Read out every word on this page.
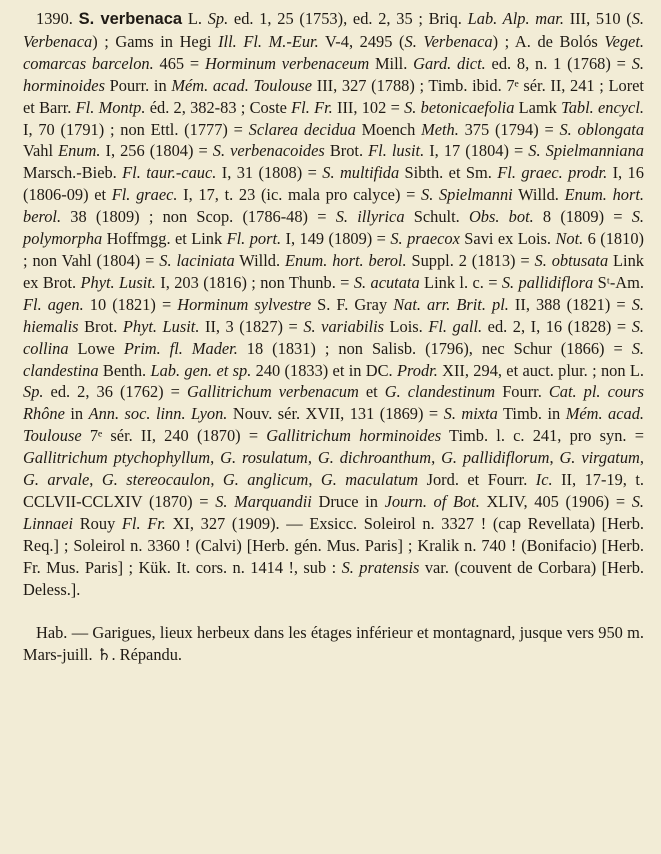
1390. S. verbenaca L. Sp. ed. 1, 25 (1753), ed. 2, 35 ; Briq. Lab. Alp. mar. III, 510 (S. Verbenaca) ; Gams in Hegi Ill. Fl. M.-Eur. V-4, 2495 (S. Verbenaca) ; A. de Bolós Veget. comarcas barcelon. 465 = Horminum verbenaceum Mill. Gard. dict. ed. 8, n. 1 (1768) = S. horminoides Pourr. in Mém. acad. Toulouse III, 327 (1788) ; Timb. ibid. 7ᵉ sér. II, 241 ; Loret et Barr. Fl. Montp. éd. 2, 382-83 ; Coste Fl. Fr. III, 102 = S. betonicaefolia Lamk Tabl. encycl. I, 70 (1791) ; non Ettl. (1777) = Sclarea decidua Moench Meth. 375 (1794) = S. oblongata Vahl Enum. I, 256 (1804) = S. verbenacoides Brot. Fl. lusit. I, 17 (1804) = S. Spielmanniana Marsch.-Bieb. Fl. taur.-cauc. I, 31 (1808) = S. multifida Sibth. et Sm. Fl. graec. prodr. I, 16 (1806-09) et Fl. graec. I, 17, t. 23 (ic. mala pro calyce) = S. Spielmanni Willd. Enum. hort. berol. 38 (1809) ; non Scop. (1786-48) = S. illyrica Schult. Obs. bot. 8 (1809) = S. polymorpha Hoffmgg. et Link Fl. port. I, 149 (1809) = S. praecox Savi ex Lois. Not. 6 (1810) ; non Vahl (1804) = S. laciniata Willd. Enum. hort. berol. Suppl. 2 (1813) = S. obtusata Link ex Brot. Phyt. Lusit. I, 203 (1816) ; non Thunb. = S. acutata Link l. c. = S. pallidiflora Sᵗ-Am. Fl. agen. 10 (1821) = Horminum sylvestre S. F. Gray Nat. arr. Brit. pl. II, 388 (1821) = S. hiemalis Brot. Phyt. Lusit. II, 3 (1827) = S. variabilis Lois. Fl. gall. ed. 2, I, 16 (1828) = S. collina Lowe Prim. fl. Mader. 18 (1831) ; non Salisb. (1796), nec Schur (1866) = S. clandestina Benth. Lab. gen. et sp. 240 (1833) et in DC. Prodr. XII, 294, et auct. plur. ; non L. Sp. ed. 2, 36 (1762) = Gallitrichum verbenacum et G. clandestinum Fourr. Cat. pl. cours Rhône in Ann. soc. linn. Lyon. Nouv. sér. XVII, 131 (1869) = S. mixta Timb. in Mém. acad. Toulouse 7ᵉ sér. II, 240 (1870) = Gallitrichum horminoides Timb. l. c. 241, pro syn. = Gallitrichum ptychophyllum, G. rosulatum, G. dichroanthum, G. pallidiflorum, G. virgatum, G. arvale, G. stereocaulon, G. anglicum, G. maculatum Jord. et Fourr. Ic. II, 17-19, t. CCLVII-CCLXIV (1870) = S. Marquandii Druce in Journ. of Bot. XLIV, 405 (1906) = S. Linnaei Rouy Fl. Fr. XI, 327 (1909). — Exsicc. Soleirol n. 3327 ! (cap Revellata) [Herb. Req.] ; Soleirol n. 3360 ! (Calvi) [Herb. gén. Mus. Paris] ; Kralik n. 740 ! (Bonifacio) [Herb. Fr. Mus. Paris] ; Kük. It. cors. n. 1414 !, sub : S. pratensis var. (couvent de Corbara) [Herb. Deless.].

Hab. — Garigues, lieux herbeux dans les étages inférieur et montagnard, jusque vers 950 m. Mars-juill. ♄. Répandu.
